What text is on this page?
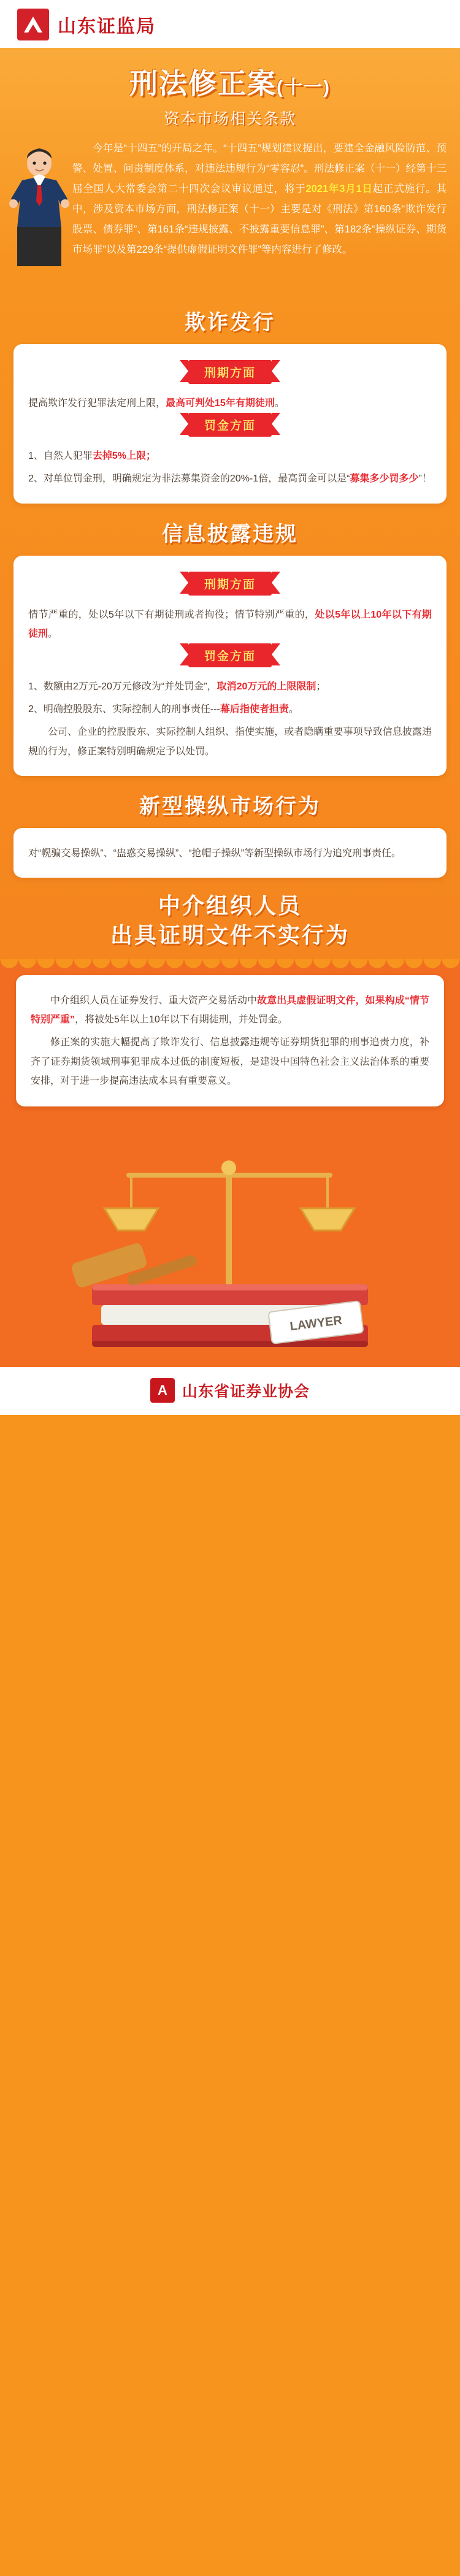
山东证监局
刑法修正案(十一)
资本市场相关条款
今年是“十四五”的开局之年。“十四五”规划建议提出，要建全金融风险防范、预警、处置、问责制度体系，对违法违规行为“零容忍”。刑法修正案（十一）经第十三届全国人大常委会第二十四次会议审议通过，将于2021年3月1日起正式施行。其中，涉及资本市场方面，刑法修正案（十一）主要是对《刑法》第160条“欺诈发行股票、债券罪”、第161条“违规披露、不披露重要信息罪”、第182条“操纵证券、期货市场罪”以及第229条“提供虚假证明文件罪”等内容进行了修改。
欺诈发行
刑期方面

提高欺诈发行犯罪法定刑上限，最高可判处15年有期徒刑。

罚金方面

1、自然人犯罪去掉5%上限；

2、对单位罚金刑，明确规定为非法募集资金的20%-1倍，最高罚金可以是“募集多少罚多少”！

信息披露违规
刑期方面

情节严重的，处以5年以下有期徒刑或者拘役；情节特别严重的，处以5年以上10年以下有期徒刑。

罚金方面

1、数额由2万元-20万元修改为“并处罚金”，取消20万元的上限限制；

2、明确控股股东、实际控制人的刑事责任---幕后指使者担责。

公司、企业的控股股东、实际控制人组织、指使实施，或者隐瞒重要事项导致信息披露违规的行为，修正案特别明确规定予以处罚。

新型操纵市场行为

对“幌骗交易操纵”、“蛊惑交易操纵”、“抢帽子操纵”等新型操纵市场行为追究刑事责任。

中介组织人员
出具证明文件不实行为

中介组织人员在证券发行、重大资产交易活动中故意出具虚假证明文件，如果构成“情节特别严重”，将被处5年以上10年以下有期徒刑，并处罚金。

修正案的实施大幅提高了欺诈发行、信息披露违规等证券期货犯罪的刑事追责力度，补齐了证券期货领域刑事犯罪成本过低的制度短板，是建设中国特色社会主义法治体系的重要安排，对于进一步提高违法成本具有重要意义。

LAWYER
A 山东省证券业协会
